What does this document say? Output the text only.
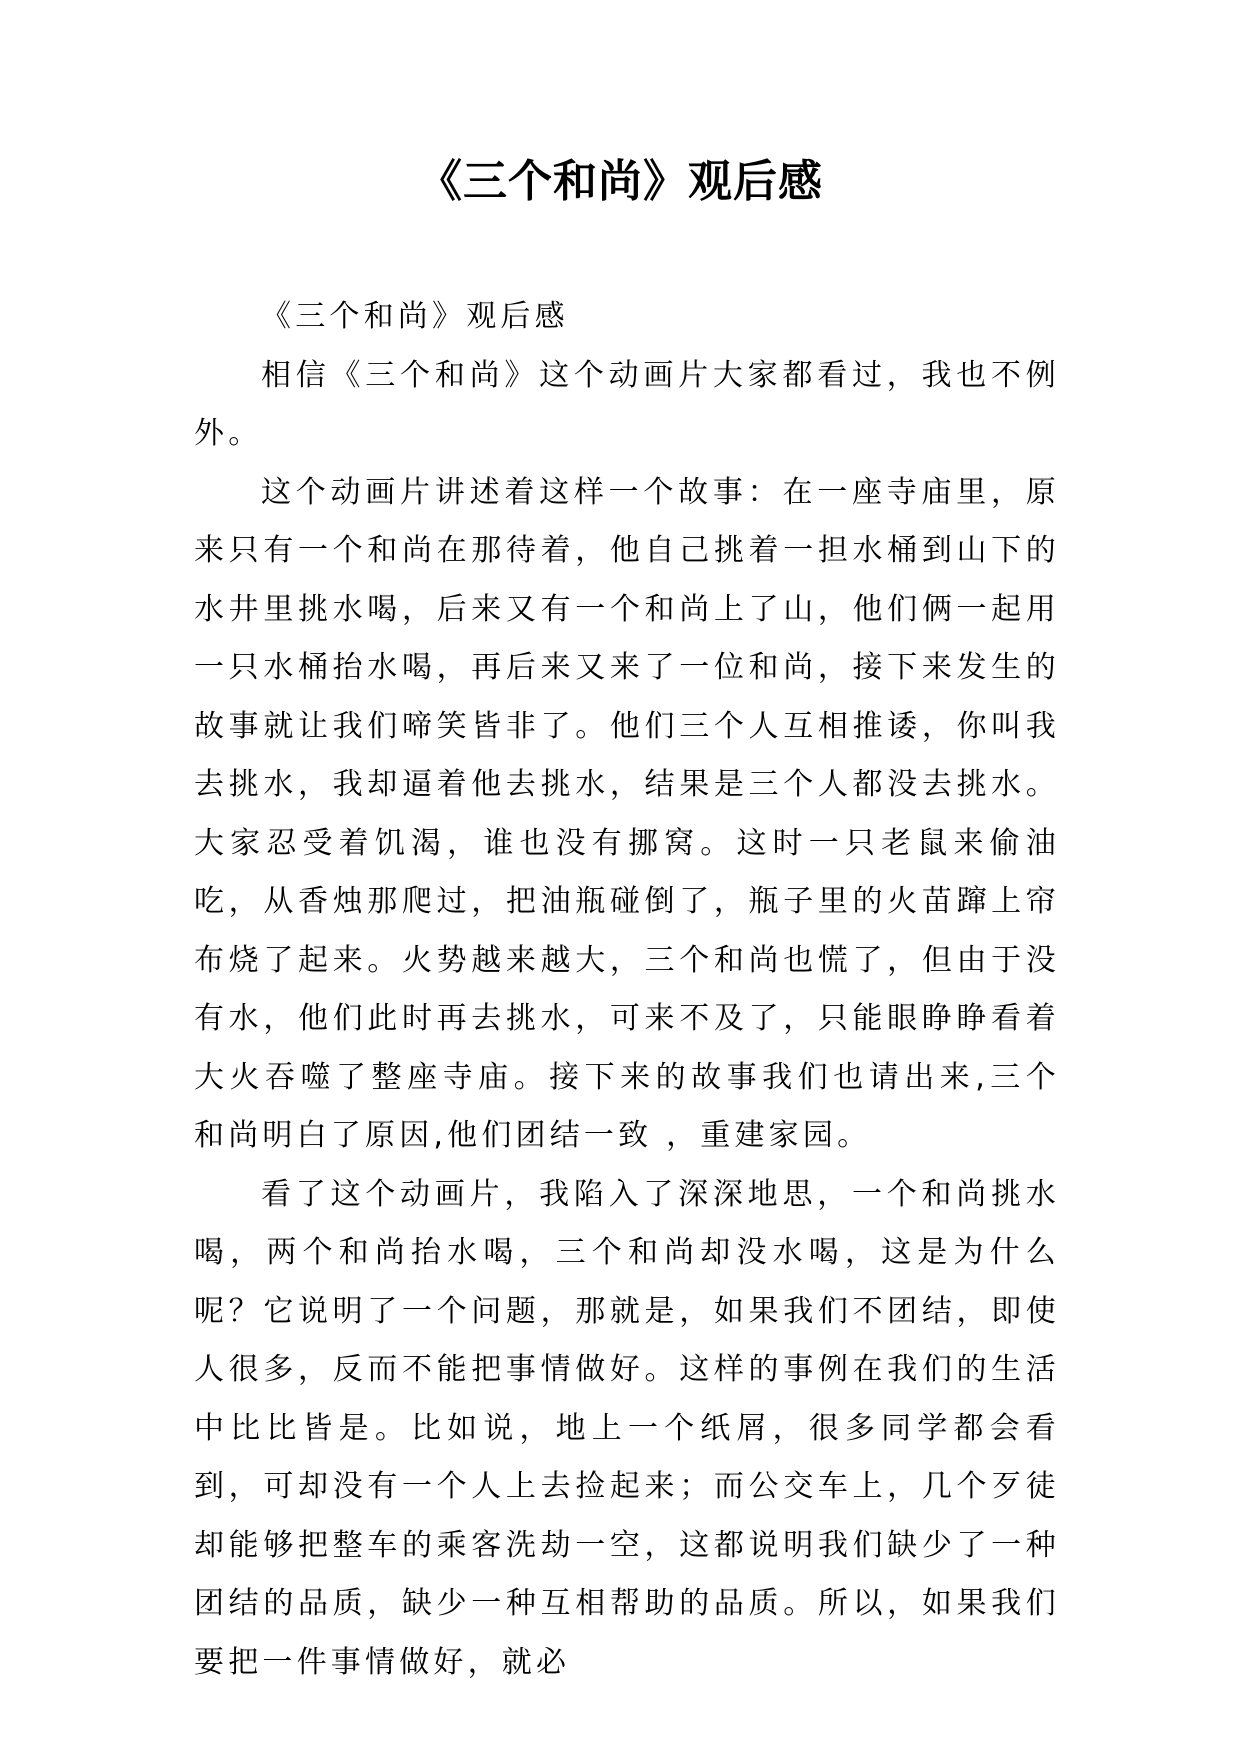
《三个和尚》观后感

《三个和尚》观后感

相信《三个和尚》这个动画片大家都看过，我也不例外。

这个动画片讲述着这样一个故事：在一座寺庙里，原来只有一个和尚在那待着，他自己挑着一担水桶到山下的水井里挑水喝，后来又有一个和尚上了山，他们俩一起用一只水桶抬水喝，再后来又来了一位和尚，接下来发生的故事就让我们啼笑皆非了。他们三个人互相推诿，你叫我去挑水，我却逼着他去挑水，结果是三个人都没去挑水。大家忍受着饥渴，谁也没有挪窝。这时一只老鼠来偷油吃，从香烛那爬过，把油瓶碰倒了，瓶子里的火苗蹿上帘布烧了起来。火势越来越大，三个和尚也慌了，但由于没有水，他们此时再去挑水，可来不及了，只能眼睁睁看着大火吞噬了整座寺庙。接下来的故事我们也请出来,三个和尚明白了原因,他们团结一致 ，重建家园。

看了这个动画片，我陷入了深深地思，一个和尚挑水喝，两个和尚抬水喝，三个和尚却没水喝，这是为什么呢？它说明了一个问题，那就是，如果我们不团结，即使人很多，反而不能把事情做好。这样的事例在我们的生活中比比皆是。比如说，地上一个纸屑，很多同学都会看到，可却没有一个人上去捡起来；而公交车上，几个歹徒却能够把整车的乘客洗劫一空，这都说明我们缺少了一种团结的品质，缺少一种互相帮助的品质。所以，如果我们要把一件事情做好，就必
